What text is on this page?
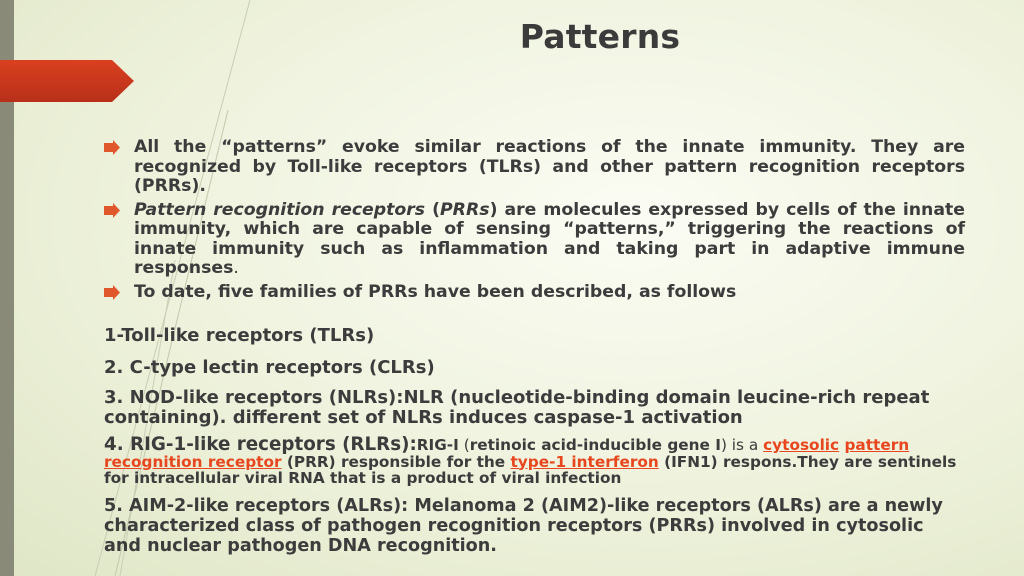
Patterns
All the “patterns” evoke similar reactions of the innate immunity. They are recognized by Toll-like receptors (TLRs) and other pattern recognition receptors (PRRs).
Pattern recognition receptors (PRRs) are molecules expressed by cells of the innate immunity, which are capable of sensing “patterns,” triggering the reactions of innate immunity such as inflammation and taking part in adaptive immune responses.
To date, five families of PRRs have been described, as follows
1-Toll-like receptors (TLRs)
2. C-type lectin receptors (CLRs)
3. NOD-like receptors (NLRs):NLR (nucleotide-binding domain leucine-rich repeat containing). different set of NLRs induces caspase-1 activation
4. RIG-1-like receptors (RLRs):RIG-I (retinoic acid-inducible gene I) is a cytosolic pattern recognition receptor (PRR) responsible for the type-1 interferon (IFN1) respons.They are sentinels for intracellular viral RNA that is a product of viral infection
5. AIM-2-like receptors (ALRs): Melanoma 2 (AIM2)-like receptors (ALRs) are a newly characterized class of pathogen recognition receptors (PRRs) involved in cytosolic and nuclear pathogen DNA recognition.
